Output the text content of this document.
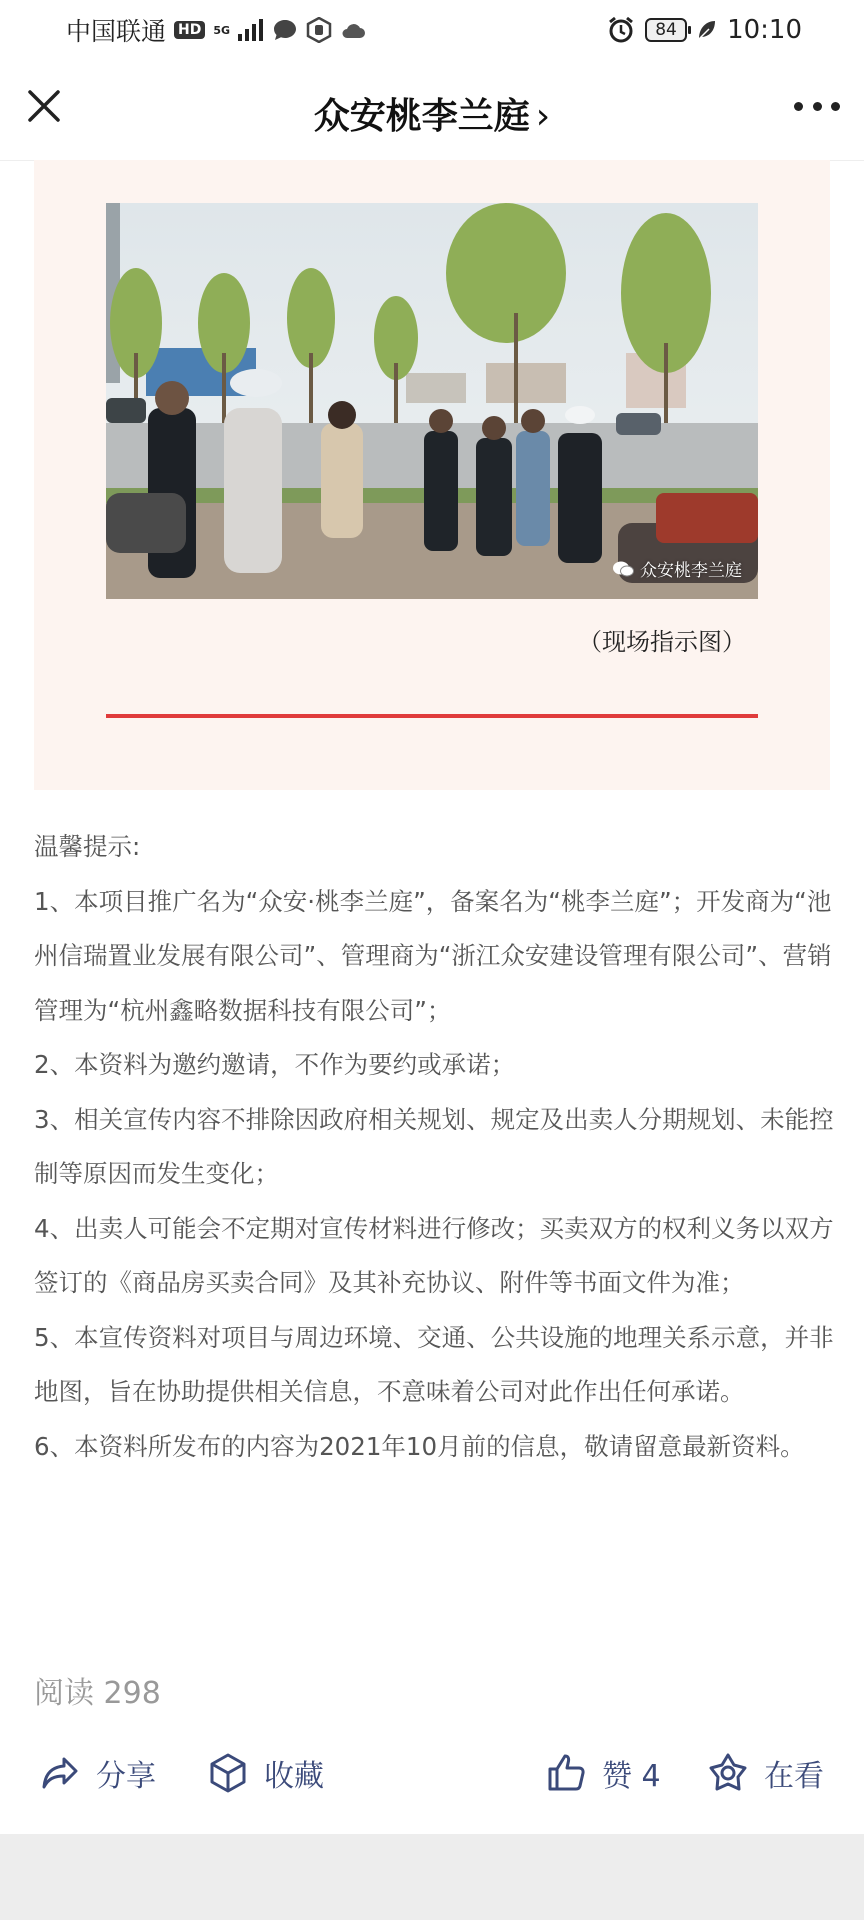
中国联通 HD	5G	84	10:10
众安桃李兰庭 ›
众安桃李兰庭
（现场指示图）

温馨提示:

1、本项目推广名为“众安·桃李兰庭”，备案名为“桃李兰庭”；开发商为“池州信瑞置业发展有限公司”、管理商为“浙江众安建设管理有限公司”、营销管理为“杭州鑫略数据科技有限公司”；

2、本资料为邀约邀请，不作为要约或承诺；

3、相关宣传内容不排除因政府相关规划、规定及出卖人分期规划、未能控制等原因而发生变化；

4、出卖人可能会不定期对宣传材料进行修改；买卖双方的权利义务以双方签订的《商品房买卖合同》及其补充协议、附件等书面文件为准；

5、本宣传资料对项目与周边环境、交通、公共设施的地理关系示意，并非地图，旨在协助提供相关信息，不意味着公司对此作出任何承诺。

6、本资料所发布的内容为2021年10月前的信息，敬请留意最新资料。

阅读 298
分享	收藏	赞 4	在看
